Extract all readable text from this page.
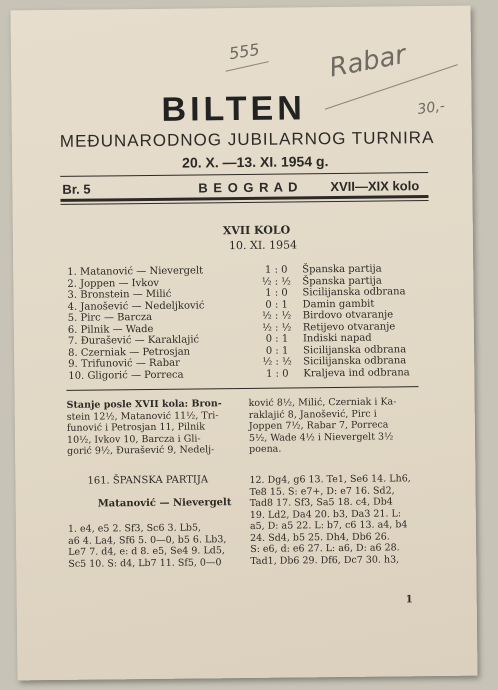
555	Rabar
30,-
BILTEN
MEĐUNARODNOG JUBILARNOG TURNIRA
20. X. —13. XI. 1954 g.
Br. 5	B E O G R A D XVII—XIX kolo
XVII KOLO
10. XI. 1954
1. Matanović — Nievergelt	1 : 0	Španska partija
2. Joppen — Ivkov	½ : ½	Španska partija
3. Bronstein — Milić	1 : 0	Sicilijanska odbrana
4. Janošević — Nedeljković	0 : 1	Damin gambit
5. Pirc — Barcza	½ : ½	Birdovo otvaranje
6. Pilnik — Wade	½ : ½	Retijevo otvaranje
7. Đurašević — Karaklajić	0 : 1	Indiski napad
8. Czerniak — Petrosjan	0 : 1	Sicilijanska odbrana
9. Trifunović — Rabar	½ : ½	Sicilijanska odbrana
10. Gligorić — Porreca	1 : 0	Kraljeva ind odbrana
Stanje posle XVII kola: Bron-
stein 12½, Matanović 11½, Tri-
funović i Petrosjan 11, Pilnik
10½, Ivkov 10, Barcza i Gli-
gorić 9½, Đurašević 9, Nedelj-
ković 8½, Milić, Czerniak i Ka-
raklajić 8, Janošević, Pirc i
Joppen 7½, Rabar 7, Porreca
5½, Wade 4½ i Nievergelt 3½
poena.
161. ŠPANSKA PARTIJA
Matanović — Nievergelt
1. e4, e5 2. Sf3, Sc6 3. Lb5,
a6 4. La4, Sf6 5. 0—0, b5 6. Lb3,
Le7 7. d4, e: d 8. e5, Se4 9. Ld5,
Sc5 10. S: d4, Lb7 11. Sf5, 0—0
12. Dg4, g6 13. Te1, Se6 14. Lh6,
Te8 15. S: e7+, D: e7 16. Sd2,
Tad8 17. Sf3, Sa5 18. c4, Db4
19. Ld2, Da4 20. b3, Da3 21. L:
a5, D: a5 22. L: b7, c6 13. a4, b4
24. Sd4, b5 25. Dh4, Db6 26.
S: e6, d: e6 27. L: a6, D: a6 28.
Tad1, Db6 29. Df6, Dc7 30. h3,
1
